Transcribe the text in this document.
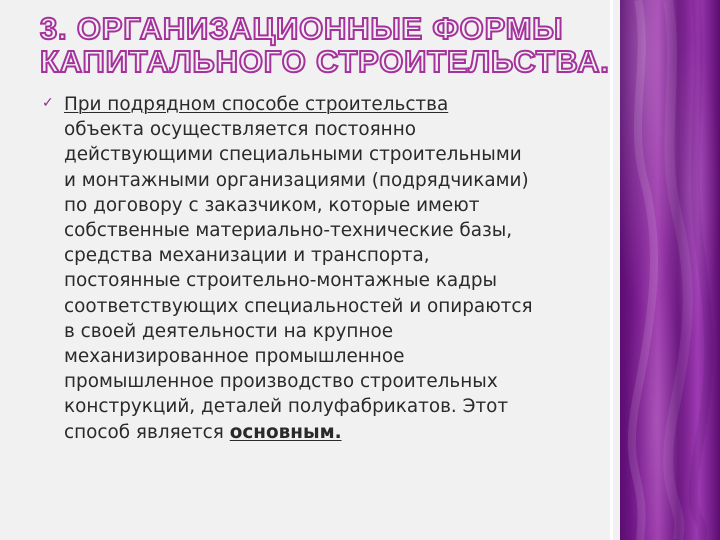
3. ОРГАНИЗАЦИОННЫЕ ФОРМЫ
КАПИТАЛЬНОГО СТРОИТЕЛЬСТВА.
✓ При подрядном способе строительства
объекта осуществляется постоянно
действующими специальными строительными
и монтажными организациями (подрядчиками)
по договору с заказчиком, которые имеют
собственные материально-технические базы,
средства механизации и транспорта,
постоянные строительно-монтажные кадры
соответствующих специальностей и опираются
в своей деятельности на крупное
механизированное промышленное
промышленное производство строительных
конструкций, деталей полуфабрикатов. Этот
способ является основным.
